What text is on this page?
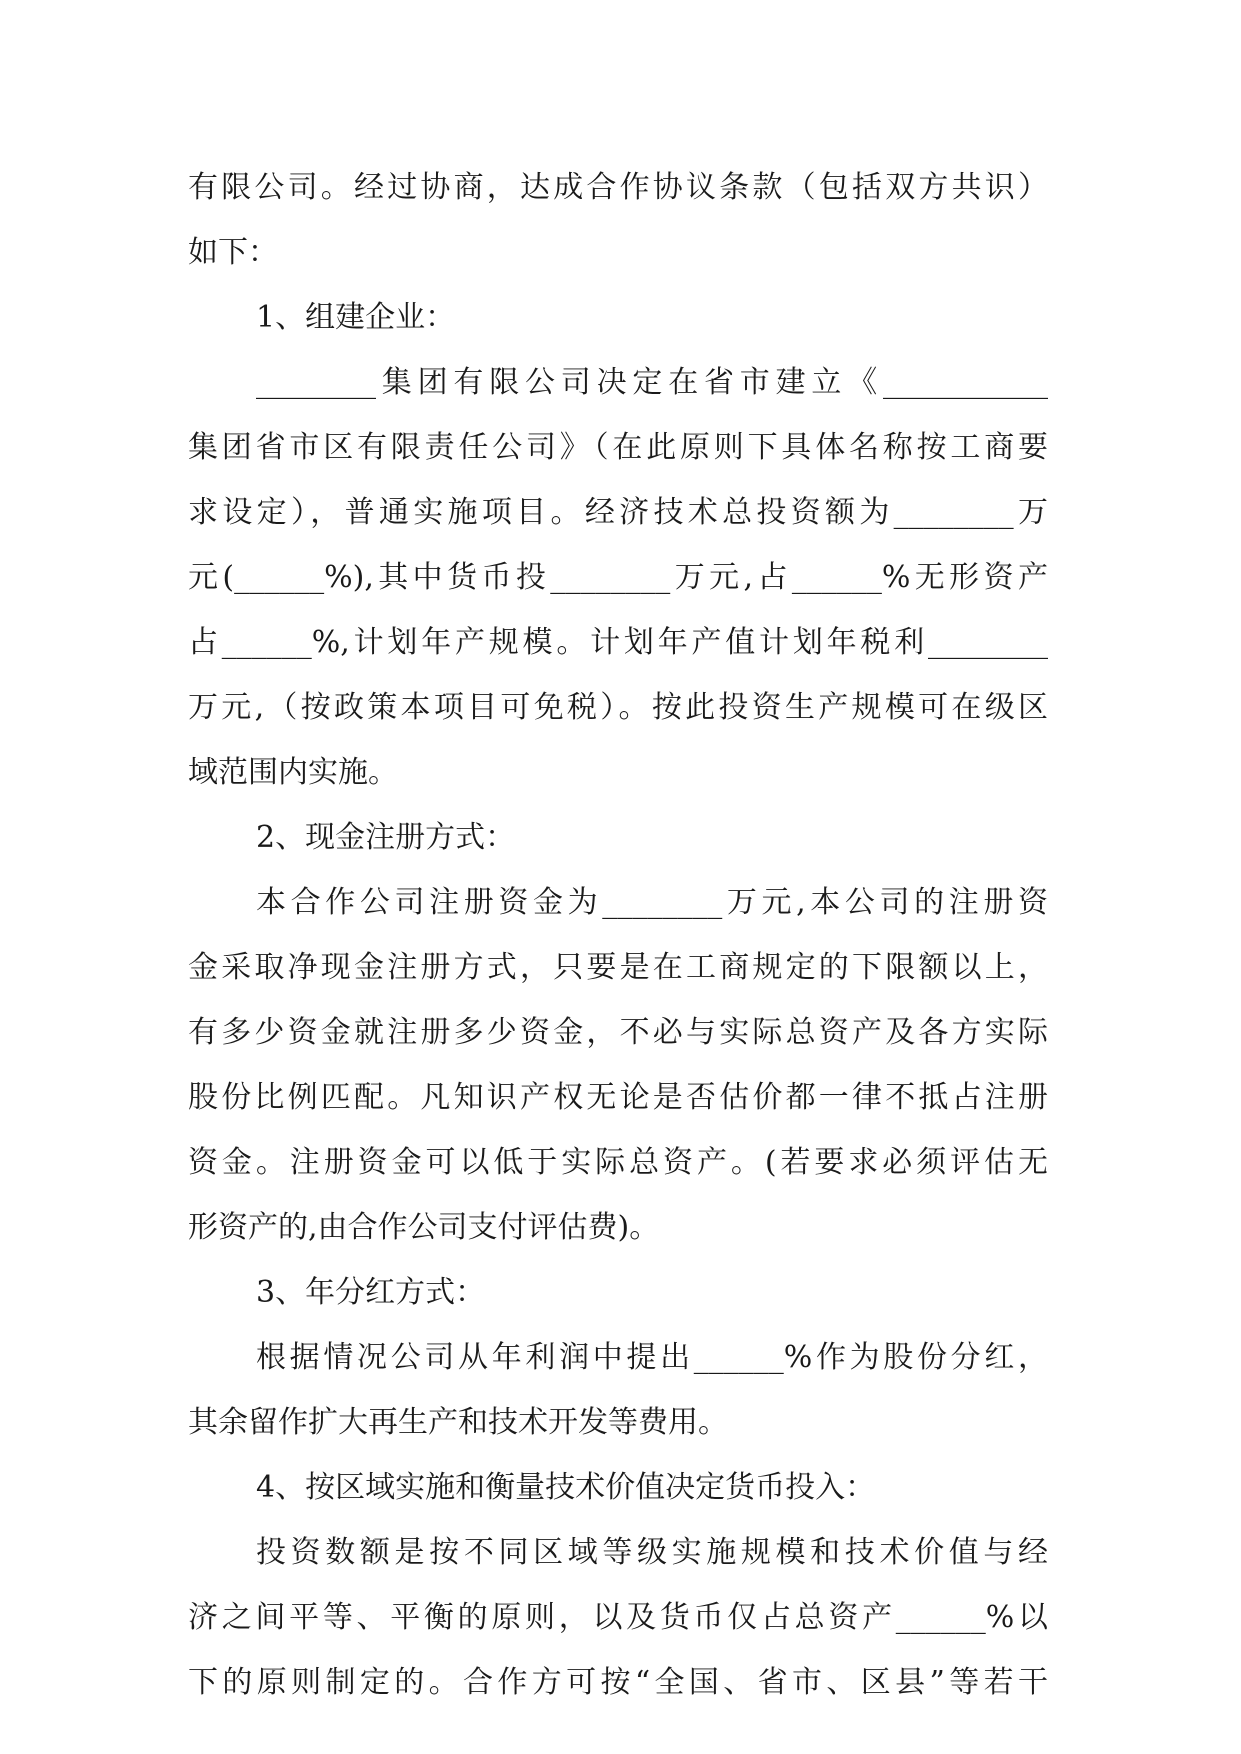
有限公司。经过协商，达成合作协议条款（包括双方共识）
如下：
1、组建企业：
________集团有限公司决定在省市建立《___________
集团省市区有限责任公司》（在此原则下具体名称按工商要
求设定），普通实施项目。经济技术总投资额为________万
元(______%),其中货币投________万元,占______%无形资产
占______%,计划年产规模。计划年产值计划年税利________
万元,（按政策本项目可免税）。按此投资生产规模可在级区
域范围内实施。
2、现金注册方式：
本合作公司注册资金为________万元,本公司的注册资
金采取净现金注册方式，只要是在工商规定的下限额以上，
有多少资金就注册多少资金，不必与实际总资产及各方实际
股份比例匹配。凡知识产权无论是否估价都一律不抵占注册
资金。注册资金可以低于实际总资产。(若要求必须评估无
形资产的,由合作公司支付评估费)。
3、年分红方式：
根据情况公司从年利润中提出______%作为股份分红，
其余留作扩大再生产和技术开发等费用。
4、按区域实施和衡量技术价值决定货币投入：
投资数额是按不同区域等级实施规模和技术价值与经
济之间平等、平衡的原则，以及货币仅占总资产______%以
下的原则制定的。合作方可按“全国、省市、区县”等若干
